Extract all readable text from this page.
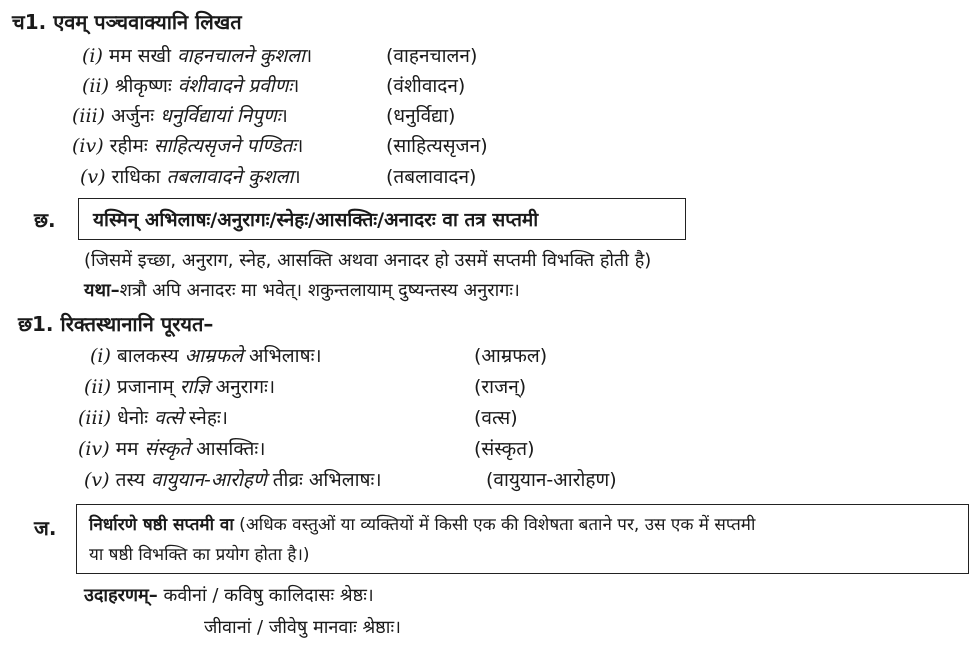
च1. एवम् पञ्चवाक्यानि लिखत
(i) मम सखी वाहनचालने कुशला।	(वाहनचालन)
(ii) श्रीकृष्णः वंशीवादने प्रवीणः।	(वंशीवादन)
(iii) अर्जुनः धनुर्विद्यायां निपुणः।	(धनुर्विद्या)
(iv) रहीमः साहित्यसृजने पण्डितः।	(साहित्यसृजन)
(v) राधिका तबलावादने कुशला।	(तबलावादन)
छ. यस्मिन् अभिलाषः/अनुरागः/स्नेहः/आसक्तिः/अनादरः वा तत्र सप्तमी
(जिसमें इच्छा, अनुराग, स्नेह, आसक्ति अथवा अनादर हो उसमें सप्तमी विभक्ति होती है)
यथा–शत्रौ अपि अनादरः मा भवेत्। शकुन्तलायाम् दुष्यन्तस्य अनुरागः।
छ1. रिक्तस्थानानि पूरयत–
(i) बालकस्य आम्रफले अभिलाषः।	(आम्रफल)
(ii) प्रजानाम् राज्ञि अनुरागः।	(राजन्)
(iii) धेनोः वत्से स्नेहः।	(वत्स)
(iv) मम संस्कृते आसक्तिः।	(संस्कृत)
(v) तस्य वायुयान-आरोहणे तीव्रः अभिलाषः।	(वायुयान-आरोहण)
ज. निर्धारणे षष्ठी सप्तमी वा (अधिक वस्तुओं या व्यक्तियों में किसी एक की विशेषता बताने पर, उस एक में सप्तमी
या षष्ठी विभक्ति का प्रयोग होता है।)
उदाहरणम्– कवीनां / कविषु कालिदासः श्रेष्ठः।
जीवानां / जीवेषु मानवाः श्रेष्ठाः।
